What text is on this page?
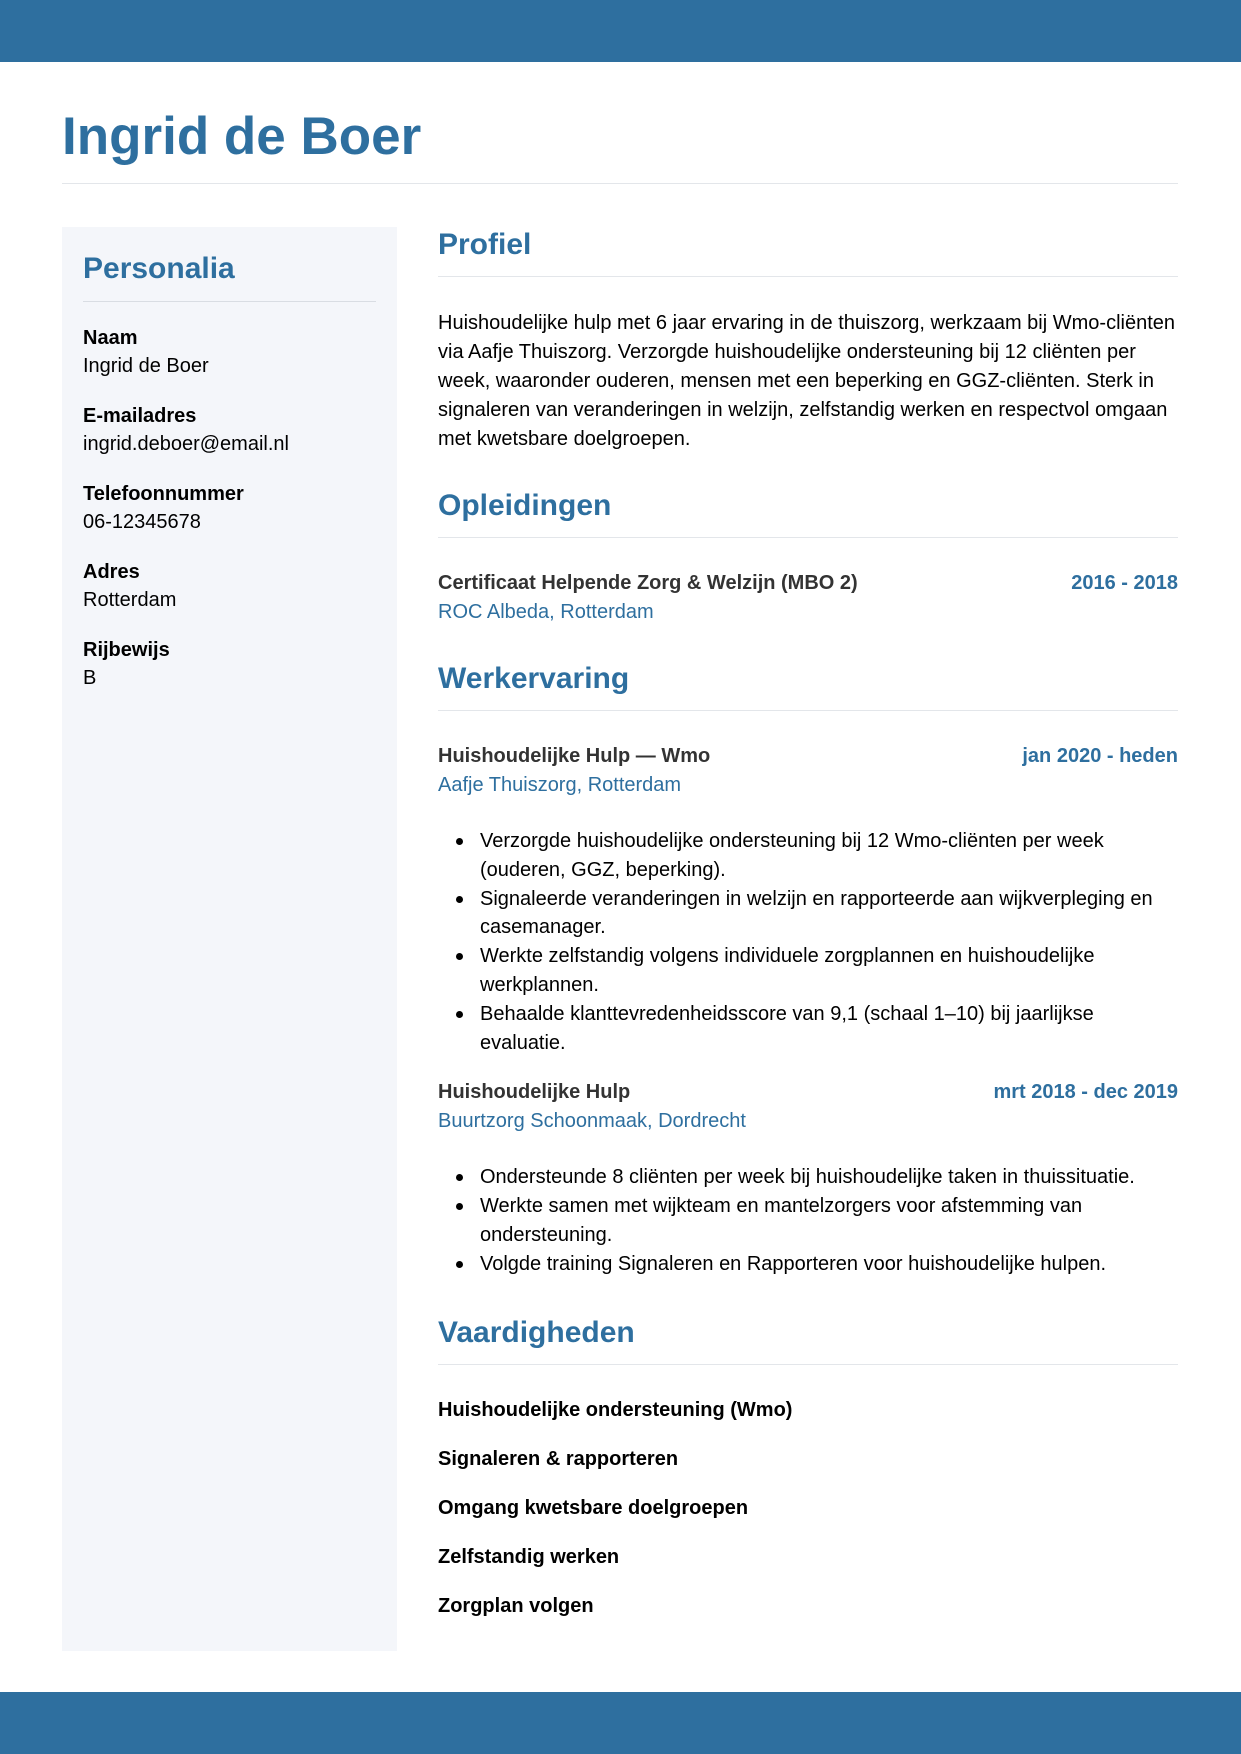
Ingrid de Boer
Personalia
Naam
Ingrid de Boer
E-mailadres
ingrid.deboer@email.nl
Telefoonnummer
06-12345678
Adres
Rotterdam
Rijbewijs
B
Profiel

Huishoudelijke hulp met 6 jaar ervaring in de thuiszorg, werkzaam bij Wmo-cliënten via Aafje Thuiszorg. Verzorgde huishoudelijke ondersteuning bij 12 cliënten per week, waaronder ouderen, mensen met een beperking en GGZ-cliënten. Sterk in signaleren van veranderingen in welzijn, zelfstandig werken en respectvol omgaan met kwetsbare doelgroepen.

Opleidingen
Certificaat Helpende Zorg & Welzijn (MBO 2)	2016 - 2018
ROC Albeda, Rotterdam
Werkervaring
Huishoudelijke Hulp — Wmo	jan 2020 - heden
Aafje Thuiszorg, Rotterdam
Verzorgde huishoudelijke ondersteuning bij 12 Wmo-cliënten per week (ouderen, GGZ, beperking).
Signaleerde veranderingen in welzijn en rapporteerde aan wijkverpleging en casemanager.
Werkte zelfstandig volgens individuele zorgplannen en huishoudelijke werkplannen.
Behaalde klanttevredenheidsscore van 9,1 (schaal 1–10) bij jaarlijkse evaluatie.
Huishoudelijke Hulp	mrt 2018 - dec 2019
Buurtzorg Schoonmaak, Dordrecht
Ondersteunde 8 cliënten per week bij huishoudelijke taken in thuissituatie.
Werkte samen met wijkteam en mantelzorgers voor afstemming van ondersteuning.
Volgde training Signaleren en Rapporteren voor huishoudelijke hulpen.
Vaardigheden
Huishoudelijke ondersteuning (Wmo)
Signaleren & rapporteren
Omgang kwetsbare doelgroepen
Zelfstandig werken
Zorgplan volgen
